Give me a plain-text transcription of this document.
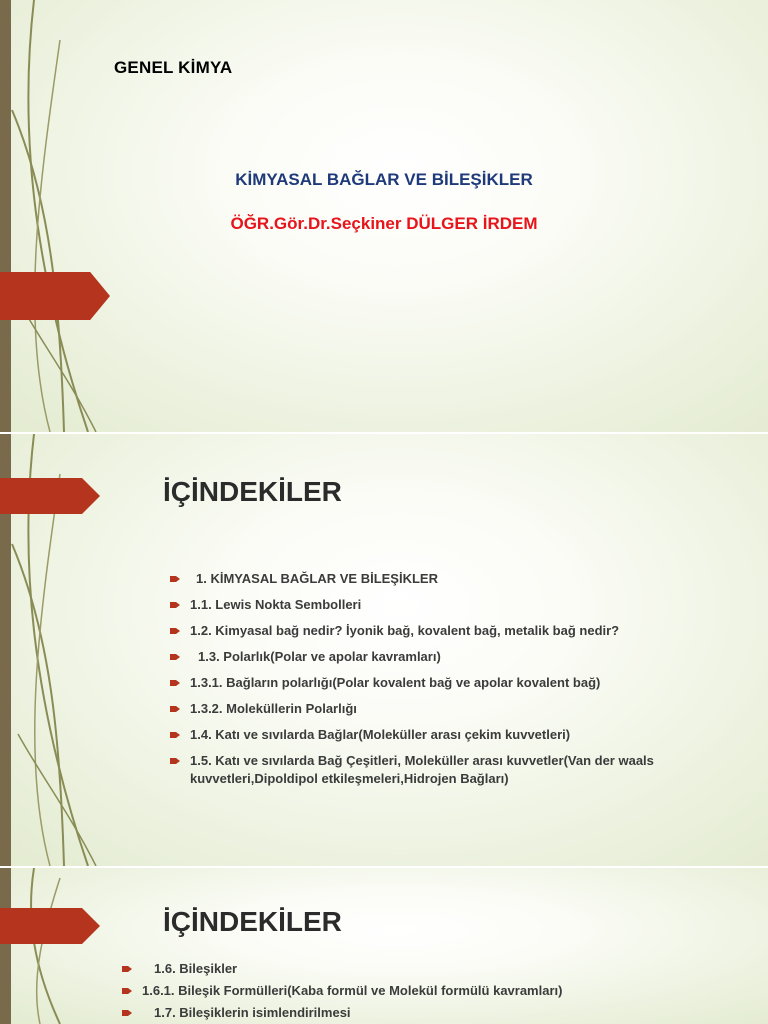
GENEL KİMYA
KİMYASAL BAĞLAR VE BİLEŞİKLER
ÖĞR.Gör.Dr.Seçkiner DÜLGER İRDEM
İÇİNDEKİLER
1. KİMYASAL BAĞLAR VE BİLEŞİKLER
1.1. Lewis Nokta Sembolleri
1.2. Kimyasal bağ nedir? İyonik bağ, kovalent bağ, metalik bağ nedir?
1.3. Polarlık(Polar ve apolar kavramları)
1.3.1. Bağların polarlığı(Polar kovalent bağ ve apolar kovalent bağ)
1.3.2. Moleküllerin Polarlığı
1.4. Katı ve sıvılarda Bağlar(Moleküller arası çekim kuvvetleri)
1.5. Katı ve sıvılarda Bağ Çeşitleri, Moleküller arası kuvvetler(Van der waals kuvvetleri,Dipoldipol etkileşmeleri,Hidrojen Bağları)
İÇİNDEKİLER
1.6. Bileşikler
1.6.1. Bileşik Formülleri(Kaba formül ve Molekül formülü kavramları)
1.7. Bileşiklerin isimlendirilmesi
